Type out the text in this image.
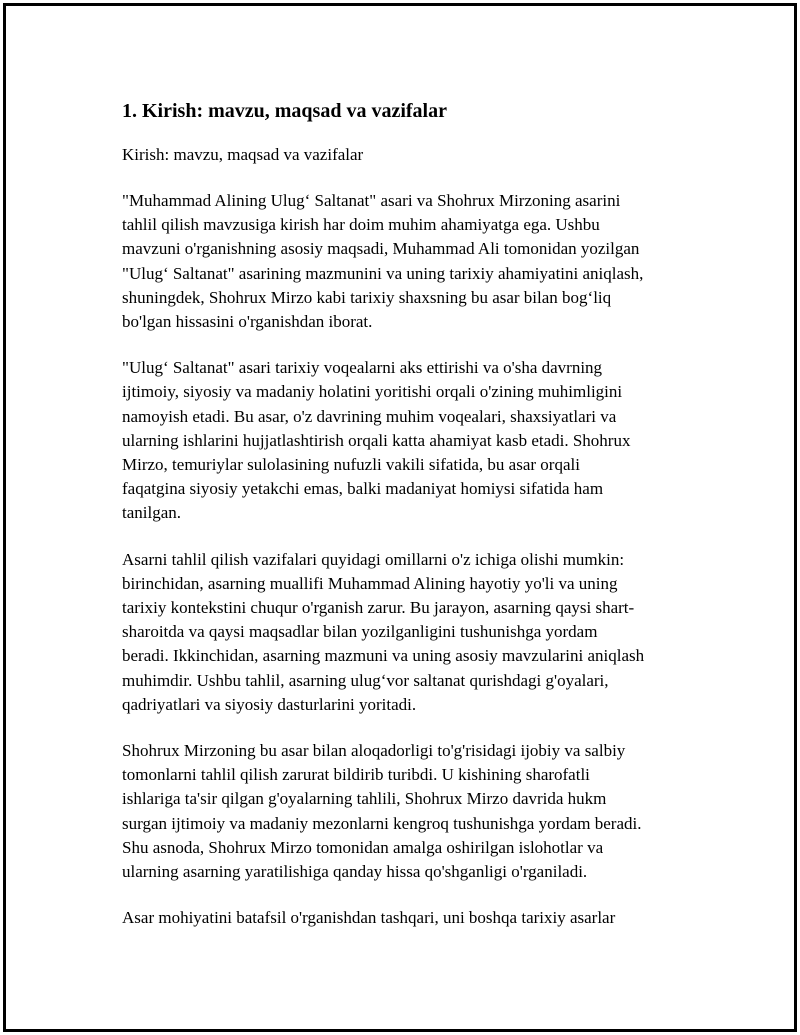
1. Kirish: mavzu, maqsad va vazifalar

Kirish: mavzu, maqsad va vazifalar

"Muhammad Alining Ulug‘ Saltanat" asari va Shohrux Mirzoning asarini
tahlil qilish mavzusiga kirish har doim muhim ahamiyatga ega. Ushbu
mavzuni o'rganishning asosiy maqsadi, Muhammad Ali tomonidan yozilgan
"Ulug‘ Saltanat" asarining mazmunini va uning tarixiy ahamiyatini aniqlash,
shuningdek, Shohrux Mirzo kabi tarixiy shaxsning bu asar bilan bog‘liq
bo'lgan hissasini o'rganishdan iborat.

"Ulug‘ Saltanat" asari tarixiy voqealarni aks ettirishi va o'sha davrning
ijtimoiy, siyosiy va madaniy holatini yoritishi orqali o'zining muhimligini
namoyish etadi. Bu asar, o'z davrining muhim voqealari, shaxsiyatlari va
ularning ishlarini hujjatlashtirish orqali katta ahamiyat kasb etadi. Shohrux
Mirzo, temuriylar sulolasining nufuzli vakili sifatida, bu asar orqali
faqatgina siyosiy yetakchi emas, balki madaniyat homiysi sifatida ham
tanilgan.

Asarni tahlil qilish vazifalari quyidagi omillarni o'z ichiga olishi mumkin:
birinchidan, asarning muallifi Muhammad Alining hayotiy yo'li va uning
tarixiy kontekstini chuqur o'rganish zarur. Bu jarayon, asarning qaysi shart-
sharoitda va qaysi maqsadlar bilan yozilganligini tushunishga yordam
beradi. Ikkinchidan, asarning mazmuni va uning asosiy mavzularini aniqlash
muhimdir. Ushbu tahlil, asarning ulug‘vor saltanat qurishdagi g'oyalari,
qadriyatlari va siyosiy dasturlarini yoritadi.

Shohrux Mirzoning bu asar bilan aloqadorligi to'g'risidagi ijobiy va salbiy
tomonlarni tahlil qilish zarurat bildirib turibdi. U kishining sharofatli
ishlariga ta'sir qilgan g'oyalarning tahlili, Shohrux Mirzo davrida hukm
surgan ijtimoiy va madaniy mezonlarni kengroq tushunishga yordam beradi.
Shu asnoda, Shohrux Mirzo tomonidan amalga oshirilgan islohotlar va
ularning asarning yaratilishiga qanday hissa qo'shganligi o'rganiladi.

Asar mohiyatini batafsil o'rganishdan tashqari, uni boshqa tarixiy asarlar
